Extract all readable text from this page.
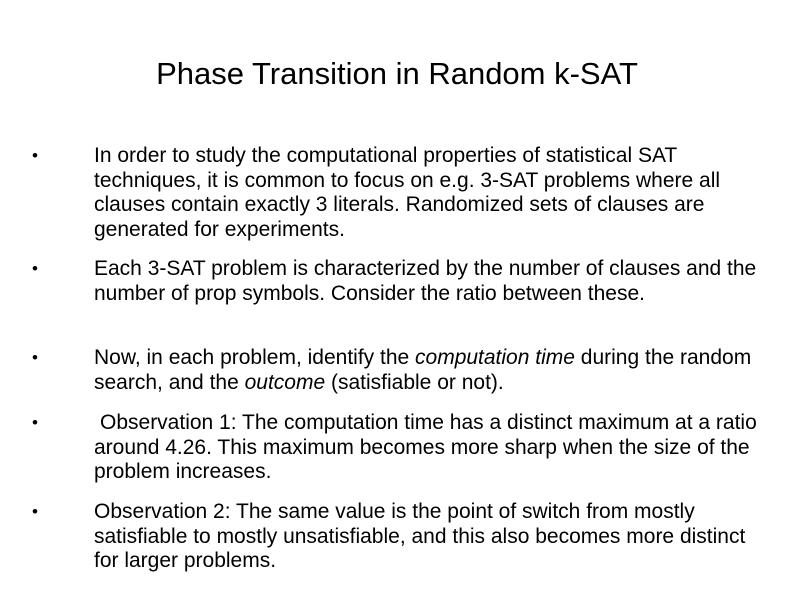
Phase Transition in Random k-SAT
•	In order to study the computational properties of statistical SAT techniques, it is common to focus on e.g. 3-SAT problems where all clauses contain exactly 3 literals. Randomized sets of clauses are generated for experiments.
•	Each 3-SAT problem is characterized by the number of clauses and the number of prop symbols. Consider the ratio between these.
•	Now, in each problem, identify the computation time during the random search, and the outcome (satisfiable or not).
•	Observation 1: The computation time has a distinct maximum at a ratio around 4.26. This maximum becomes more sharp when the size of the problem increases.
•	Observation 2: The same value is the point of switch from mostly satisfiable to mostly unsatisfiable, and this also becomes more distinct for larger problems.
